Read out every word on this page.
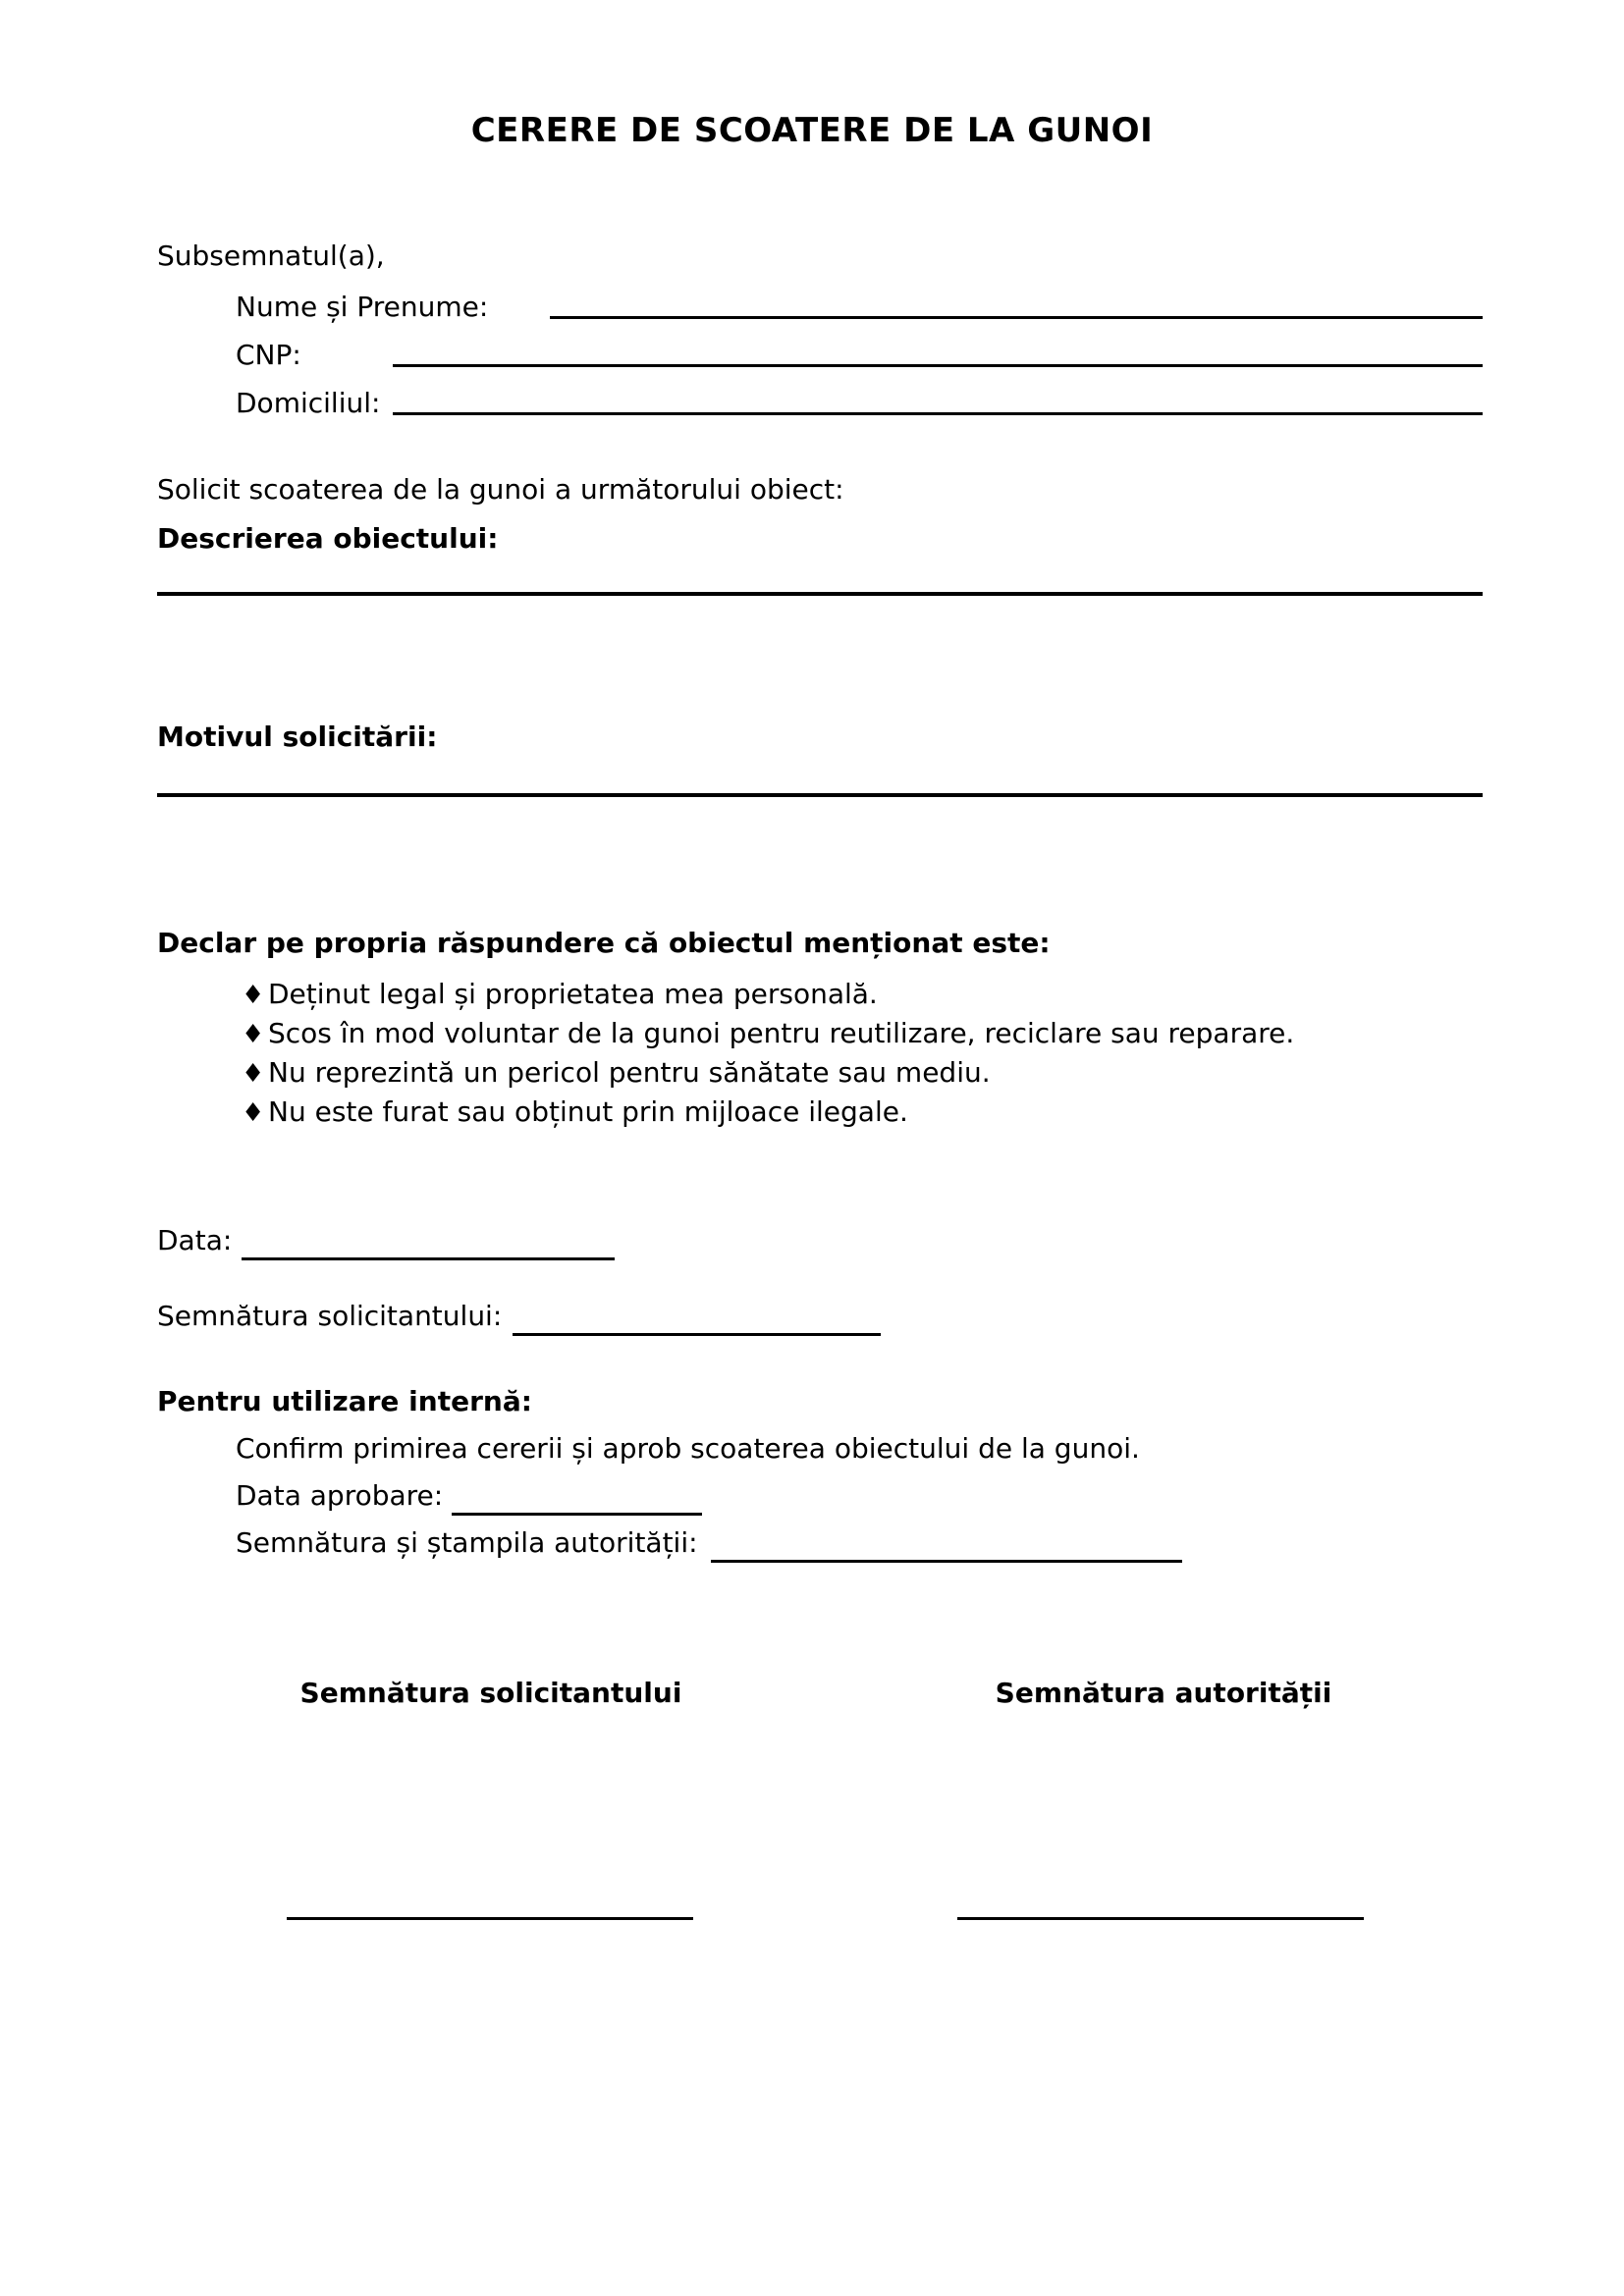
CERERE DE SCOATERE DE LA GUNOI
Subsemnatul(a),
Nume și Prenume:
CNP:
Domiciliul:
Solicit scoaterea de la gunoi a următorului obiect:
Descrierea obiectului:
Motivul solicitării:
Declar pe propria răspundere că obiectul menționat este:
♦ Deținut legal și proprietatea mea personală.
♦ Scos în mod voluntar de la gunoi pentru reutilizare, reciclare sau reparare.
♦ Nu reprezintă un pericol pentru sănătate sau mediu.
♦ Nu este furat sau obținut prin mijloace ilegale.
Data:
Semnătura solicitantului:
Pentru utilizare internă:
Confirm primirea cererii și aprob scoaterea obiectului de la gunoi.
Data aprobare:
Semnătura și ștampila autorității:
Semnătura solicitantului	Semnătura autorității
